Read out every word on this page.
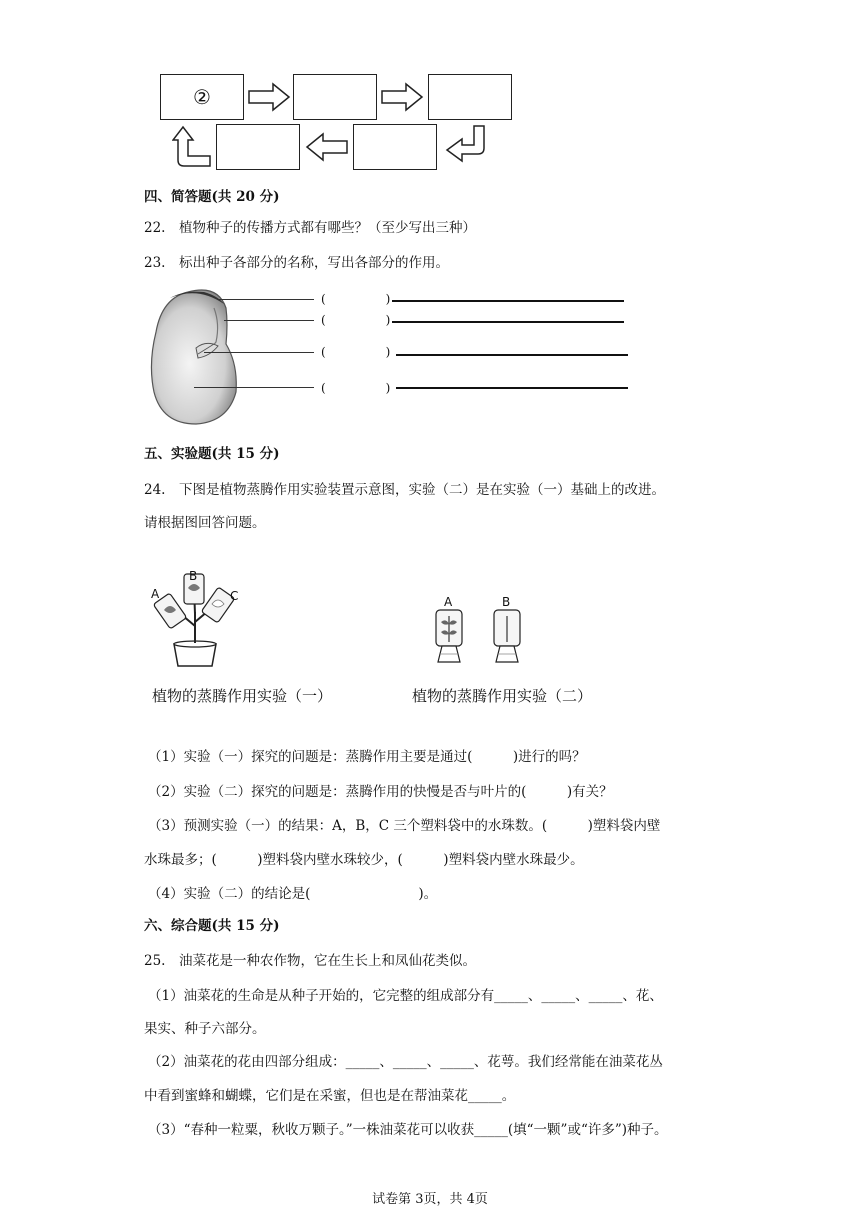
②
四、简答题(共 20 分)
22.　植物种子的传播方式都有哪些？（至少写出三种）
23.　标出种子各部分的名称，写出各部分的作用。
(　　　　　)
(　　　　　)
(　　　　　)
(　　　　　)
五、实验题(共 15 分)
24.　下图是植物蒸腾作用实验装置示意图，实验（二）是在实验（一）基础上的改进。
请根据图回答问题。
A
B
C	A	B
植物的蒸腾作用实验（一）	植物的蒸腾作用实验（二）
（1）实验（一）探究的问题是：蒸腾作用主要是通过(　　　)进行的吗？
（2）实验（二）探究的问题是：蒸腾作用的快慢是否与叶片的(　　　)有关？
（3）预测实验（一）的结果：A，B，C 三个塑料袋中的水珠数。(　　　)塑料袋内壁
水珠最多；(　　　)塑料袋内壁水珠较少，(　　　)塑料袋内壁水珠最少。
（4）实验（二）的结论是(　　　　　　　　)。
六、综合题(共 15 分)
25.　油菜花是一种农作物，它在生长上和凤仙花类似。
（1）油菜花的生命是从种子开始的，它完整的组成部分有_____、_____、_____、花、
果实、种子六部分。
（2）油菜花的花由四部分组成：_____、_____、_____、花萼。我们经常能在油菜花丛
中看到蜜蜂和蝴蝶，它们是在采蜜，但也是在帮油菜花_____。
（3）“春种一粒粟，秋收万颗子。”一株油菜花可以收获_____(填“一颗”或“许多”)种子。
试卷第 3页，共 4页
